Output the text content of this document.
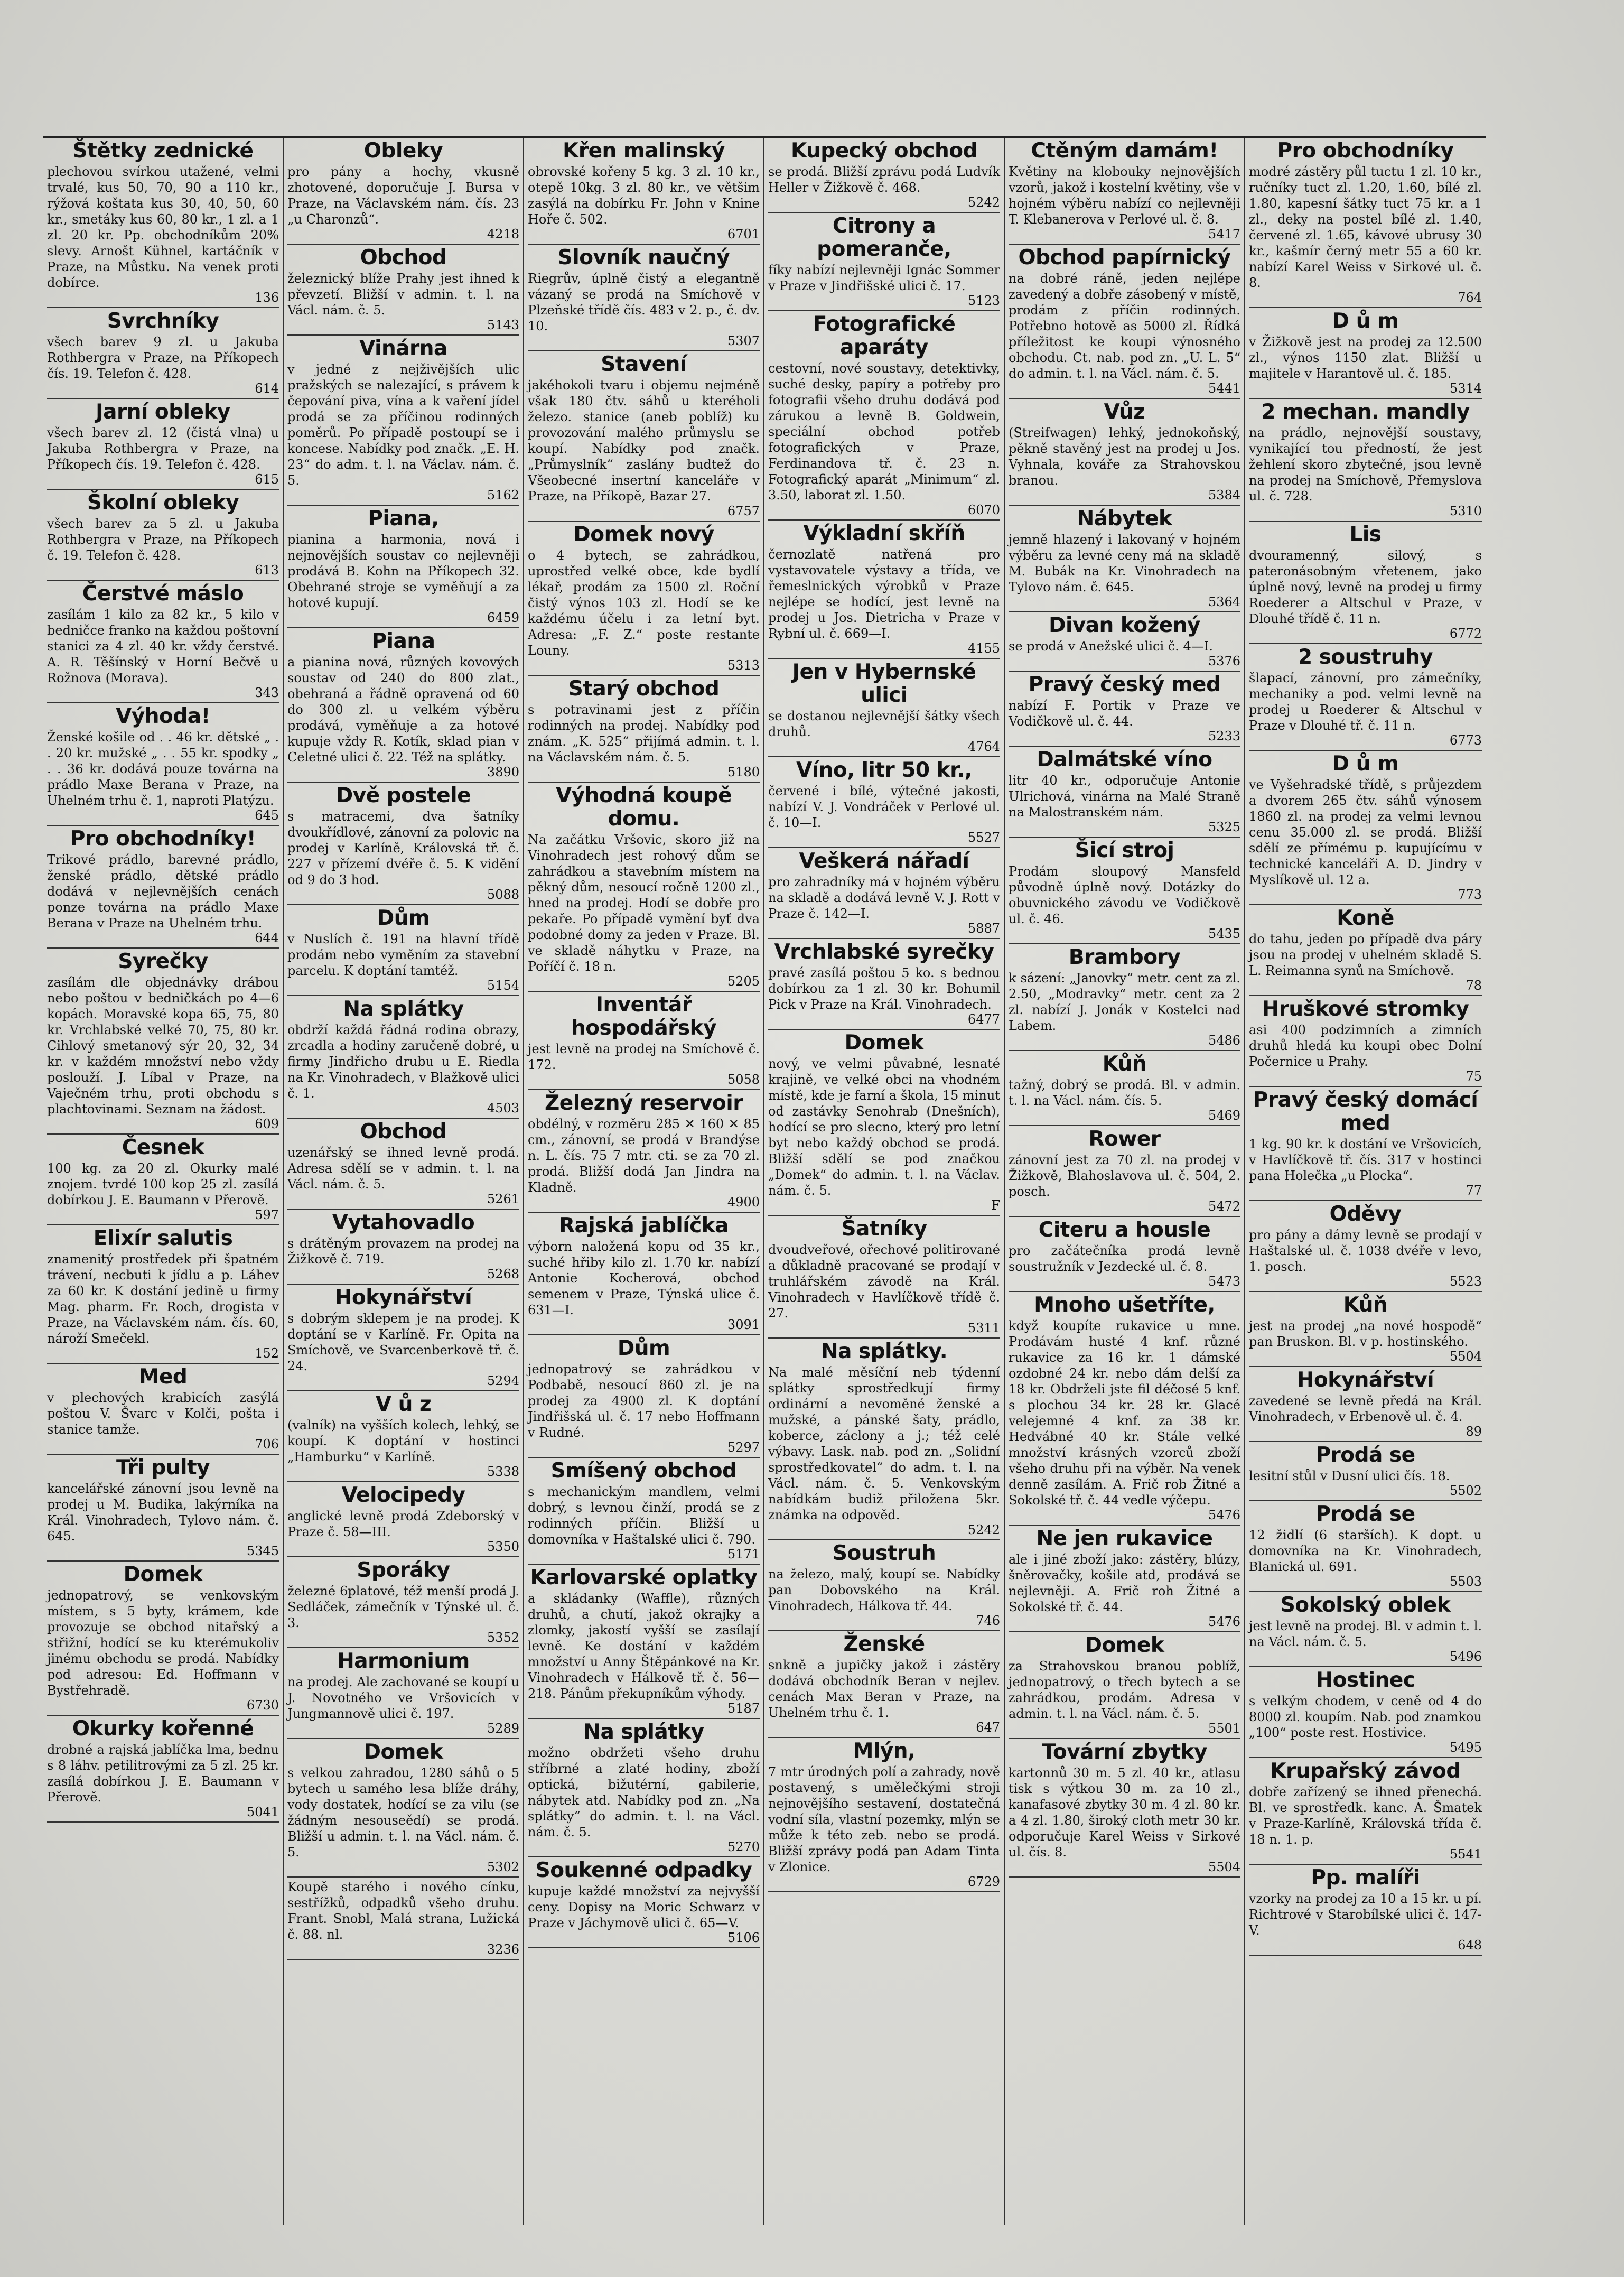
Štětky zednické

plechovou svírkou utažené, velmi trvalé, kus 50, 70, 90 a 110 kr., rýžová koštata kus 30, 40, 50, 60 kr., smetáky kus 60, 80 kr., 1 zl. a 1 zl. 20 kr. Pp. obchodníkům 20% slevy. Arnošt Kühnel, kartáčník v Praze, na Můstku. Na venek proti dobírce.

136
Svrchníky

všech barev 9 zl. u Jakuba Rothbergra v Praze, na Příkopech čís. 19. Telefon č. 428.

614
Jarní obleky

všech barev zl. 12 (čistá vlna) u Jakuba Rothbergra v Praze, na Příkopech čís. 19. Telefon č. 428.

615
Školní obleky

všech barev za 5 zl. u Jakuba Rothbergra v Praze, na Příkopech č. 19. Telefon č. 428.

613
Čerstvé máslo

zasílám 1 kilo za 82 kr., 5 kilo v bedničce franko na každou poštovní stanici za 4 zl. 40 kr. vždy čerstvé. A. R. Těšínský v Horní Bečvě u Rožnova (Morava).

343
Výhoda!

Ženské košile od . . 46 kr. dětské „ . . 20 kr. mužské „ . . 55 kr. spodky „ . . 36 kr. dodává pouze továrna na prádlo Maxe Berana v Praze, na Uhelném trhu č. 1, naproti Platýzu.

645
Pro obchodníky!

Trikové prádlo, barevné prádlo, ženské prádlo, dětské prádlo dodává v nejlevnějších cenách ponze továrna na prádlo Maxe Berana v Praze na Uhelném trhu.

644
Syrečky

zasílám dle objednávky drábou nebo poštou v bedničkách po 4—6 kopách. Moravské kopa 65, 75, 80 kr. Vrchlabské velké 70, 75, 80 kr. Cihlový smetanový sýr 20, 32, 34 kr. v každém množství nebo vždy poslouží. J. Líbal v Praze, na Vaječném trhu, proti obchodu s plachtovinami. Seznam na žádost.

609
Česnek

100 kg. za 20 zl. Okurky malé znojem. tvrdé 100 kop 25 zl. zasílá dobírkou J. E. Baumann v Přerově.

597
Elixír salutis

znamenitý prostředek při špatném trávení, necbuti k jídlu a p. Láhev za 60 kr. K dostání jedině u firmy Mag. pharm. Fr. Roch, drogista v Praze, na Václavském nám. čís. 60, nároží Smečekl.

152
Med

v plechových krabicích zasýlá poštou V. Švarc v Kolči, pošta i stanice tamže.

706
Tři pulty

kancelářské zánovní jsou levně na prodej u M. Budika, lakýrníka na Král. Vinohradech, Tylovo nám. č. 645.

5345
Domek

jednopatrový, se venkovským místem, s 5 byty, krámem, kde provozuje se obchod nitařský a střižní, hodící se ku kterémukoliv jinému obchodu se prodá. Nabídky pod adresou: Ed. Hoffmann v Bystřehradě.

6730
Okurky kořenné

drobné a rajská jablíčka lma, bednu s 8 láhv. petilitrovými za 5 zl. 25 kr. zasílá dobírkou J. E. Baumann v Přerově.

5041
Obleky

pro pány a hochy, vkusně zhotovené, doporučuje J. Bursa v Praze, na Václavském nám. čís. 23 „u Charonzů“.

4218
Obchod

železnický blíže Prahy jest ihned k převzetí. Bližší v admin. t. l. na Václ. nám. č. 5.

5143
Vinárna

v jedné z nejživějších ulic pražských se nalezající, s právem k čepování piva, vína a k vaření jídel prodá se za příčinou rodinných poměrů. Po případě postoupí se i koncese. Nabídky pod značk. „E. H. 23“ do adm. t. l. na Václav. nám. č. 5.

5162
Piana,

pianina a harmonia, nová i nejnovějších soustav co nejlevněji prodává B. Kohn na Příkopech 32. Obehrané stroje se vyměňují a za hotové kupují.

6459
Piana

a pianina nová, různých kovových soustav od 240 do 800 zlat., obehraná a řádně opravená od 60 do 300 zl. u velkém výběru prodává, vyměňuje a za hotové kupuje vždy R. Kotík, sklad pian v Celetné ulici č. 22. Též na splátky.

3890
Dvě postele

s matracemi, dva šatníky dvoukřídlové, zánovní za polovic na prodej v Karlíně, Královská tř. č. 227 v přízemí dvéře č. 5. K vidění od 9 do 3 hod.

5088
Dům

v Nuslích č. 191 na hlavní třídě prodám nebo vyměním za stavební parcelu. K doptání tamtéž.

5154
Na splátky

obdrží každá řádná rodina obrazy, zrcadla a hodiny zaručeně dobré, u firmy Jindřicho drubu u E. Riedla na Kr. Vinohradech, v Blažkově ulici č. 1.

4503
Obchod

uzenářský se ihned levně prodá. Adresa sdělí se v admin. t. l. na Václ. nám. č. 5.

5261
Vytahovadlo

s drátěným provazem na prodej na Žižkově č. 719.

5268
Hokynářství

s dobrým sklepem je na prodej. K doptání se v Karlíně. Fr. Opita na Smíchově, ve Svarcenberkově tř. č. 24.

5294
V ů z

(valník) na vyšších kolech, lehký, se koupí. K doptání v hostinci „Hamburku“ v Karlíně.

5338
Velocipedy

anglické levně prodá Zdeborský v Praze č. 58—III.

5350
Sporáky

železné 6platové, též menší prodá J. Sedláček, zámečník v Týnské ul. č. 3.

5352
Harmonium

na prodej. Ale zachované se koupí u J. Novotného ve Vršovicích v Jungmannově ulici č. 197.

5289
Domek

s velkou zahradou, 1280 sáhů o 5 bytech u samého lesa blíže dráhy, vody dostatek, hodící se za vilu (se žádným nesouseědí) se prodá. Bližší u admin. t. l. na Václ. nám. č. 5.

5302

Koupě starého i nového cínku, sestřížků, odpadků všeho druhu. Frant. Snobl, Malá strana, Lužická č. 88. nl.

3236
Křen malinský

obrovské kořeny 5 kg. 3 zl. 10 kr., otepě 10kg. 3 zl. 80 kr., ve většim zasýlá na dobírku Fr. John v Knine Hoře č. 502.

6701
Slovník naučný

Riegrův, úplně čistý a elegantně vázaný se prodá na Smíchově v Plzeňské třídě čís. 483 v 2. p., č. dv. 10.

5307
Stavení

jakéhokoli tvaru i objemu nejméně však 180 čtv. sáhů u kteréholi železo. stanice (aneb poblíž) ku provozování malého průmyslu se koupí. Nabídky pod značk. „Průmyslník“ zaslány budtež do Všeobecné insertní kanceláře v Praze, na Příkopě, Bazar 27.

6757
Domek nový

o 4 bytech, se zahrádkou, uprostřed velké obce, kde bydlí lékař, prodám za 1500 zl. Roční čistý výnos 103 zl. Hodí se ke každému účelu i za letní byt. Adresa: „F. Z.“ poste restante Louny.

5313
Starý obchod

s potravinami jest z příčin rodinných na prodej. Nabídky pod znám. „K. 525“ přijímá admin. t. l. na Václavském nám. č. 5.

5180
Výhodná koupě domu.

Na začátku Vršovic, skoro již na Vinohradech jest rohový dům se zahrádkou a stavebním místem na pěkný dům, nesoucí ročně 1200 zl., hned na prodej. Hodí se dobře pro pekaře. Po případě vymění byť dva podobné domy za jeden v Praze. Bl. ve skladě náhytku v Praze, na Poříčí č. 18 n.

5205
Inventář hospodářský

jest levně na prodej na Smíchově č. 172.

5058
Železný reservoir

obdélný, v rozměru 285 ✕ 160 ✕ 85 cm., zánovní, se prodá v Brandýse n. L. čís. 75 7 mtr. cti. se za 70 zl. prodá. Bližší dodá Jan Jindra na Kladně.

4900
Rajská jablíčka

výborn naložená kopu od 35 kr., suché hřiby kilo zl. 1.70 kr. nabízí Antonie Kocherová, obchod semenem v Praze, Týnská ulice č. 631—I.

3091
Dům

jednopatrový se zahrádkou v Podbabě, nesoucí 860 zl. je na prodej za 4900 zl. K doptání Jindřišská ul. č. 17 nebo Hoffmann v Rudné.

5297
Smíšený obchod

s mechanickým mandlem, velmi dobrý, s levnou činží, prodá se z rodinných příčin. Bližší u domovníka v Haštalské ulici č. 790.

5171
Karlovarské oplatky

a skládanky (Waffle), různých druhů, a chutí, jakož okrajky a zlomky, jakostí vyšší se zasílají levně. Ke dostání v každém množství u Anny Štěpánkové na Kr. Vinohradech v Hálkově tř. č. 56—218. Pánům překupníkům výhody.

5187
Na splátky

možno obdržeti všeho druhu stříbrné a zlaté hodiny, zboží optická, bižutérní, gabilerie, nábytek atd. Nabídky pod zn. „Na splátky“ do admin. t. l. na Václ. nám. č. 5.

5270
Soukenné odpadky

kupuje každé množství za nejvyšší ceny. Dopisy na Moric Schwarz v Praze v Jáchymově ulici č. 65—V.

5106
Kupecký obchod

se prodá. Bližší zprávu podá Ludvík Heller v Žižkově č. 468.

5242
Citrony a pomeranče,

fíky nabízí nejlevněji Ignác Sommer v Praze v Jindřišské ulici č. 17.

5123
Fotografické aparáty

cestovní, nové soustavy, detektivky, suché desky, papíry a potřeby pro fotografii všeho druhu dodává pod zárukou a levně B. Goldwein, speciální obchod potřeb fotografických v Praze, Ferdinandova tř. č. 23 n. Fotografický aparát „Minimum“ zl. 3.50, laborat zl. 1.50.

6070
Výkladní skříň

černozlatě natřená pro vystavovatele výstavy a třída, ve řemeslnických výrobků v Praze nejlépe se hodící, jest levně na prodej u Jos. Dietricha v Praze v Rybní ul. č. 669—I.

4155
Jen v Hybernské ulici

se dostanou nejlevnější šátky všech druhů.

4764
Víno, litr 50 kr.,

červené i bílé, výtečné jakosti, nabízí V. J. Vondráček v Perlové ul. č. 10—I.

5527
Veškerá nářadí

pro zahradníky má v hojném výběru na skladě a dodává levně V. J. Rott v Praze č. 142—I.

5887
Vrchlabské syrečky

pravé zasílá poštou 5 ko. s bednou dobírkou za 1 zl. 30 kr. Bohumil Pick v Praze na Král. Vinohradech.

6477
Domek

nový, ve velmi půvabné, lesnaté krajině, ve velké obci na vhodném místě, kde je farní a škola, 15 minut od zastávky Senohrab (Dnešních), hodící se pro slecno, který pro letní byt nebo každý obchod se prodá. Bližší sdělí se pod značkou „Domek“ do admin. t. l. na Václav. nám. č. 5.

F
Šatníky

dvoudveřové, ořechové politirované a důkladně pracované se prodají v truhlářském závodě na Král. Vinohradech v Havlíčkově třídě č. 27.

5311
Na splátky.

Na malé měsíční neb týdenní splátky sprostředkují firmy ordinární a nevoměné ženské a mužské, a pánské šaty, prádlo, koberce, záclony a j.; též celé výbavy. Lask. nab. pod zn. „Solidní sprostředkovatel“ do adm. t. l. na Václ. nám. č. 5. Venkovským nabídkám budiž přiložena 5kr. známka na odpověd.

5242
Soustruh

na železo, malý, koupí se. Nabídky pan Dobovského na Král. Vinohradech, Hálkova tř. 44.

746
Ženské

snkně a jupičky jakož i zástěry dodává obchodník Beran v nejlev. cenách Max Beran v Praze, na Uhelném trhu č. 1.

647
Mlýn,

7 mtr úrodných polí a zahrady, nově postavený, s umělečkými stroji nejnovějšího sestavení, dostatečná vodní síla, vlastní pozemky, mlýn se může k této zeb. nebo se prodá. Bližší zprávy podá pan Adam Tinta v Zlonice.

6729
Ctěným damám!

Květiny na klobouky nejnovějších vzorů, jakož i kostelní květiny, vše v hojném výběru nabízí co nejlevněji T. Klebanerova v Perlové ul. č. 8.

5417
Obchod papírnický

na dobré ráně, jeden nejlépe zavedený a dobře zásobený v místě, prodám z příčin rodinných. Potřebno hotově as 5000 zl. Řídká příležitost ke koupi výnosného obchodu. Ct. nab. pod zn. „U. L. 5“ do admin. t. l. na Václ. nám. č. 5.

5441
Vůz

(Streifwagen) lehký, jednokoňský, pěkně stavěný jest na prodej u Jos. Vyhnala, kováře za Strahovskou branou.

5384
Nábytek

jemně hlazený i lakovaný v hojném výběru za levné ceny má na skladě M. Bubák na Kr. Vinohradech na Tylovo nám. č. 645.

5364
Divan kožený

se prodá v Anežské ulici č. 4—I.

5376
Pravý český med

nabízí F. Portik v Praze ve Vodičkově ul. č. 44.

5233
Dalmátské víno

litr 40 kr., odporučuje Antonie Ulrichová, vinárna na Malé Straně na Malostranském nám.

5325
Šicí stroj

Prodám sloupový Mansfeld původně úplně nový. Dotázky do obuvnického závodu ve Vodičkově ul. č. 46.

5435
Brambory

k sázení: „Janovky“ metr. cent za zl. 2.50, „Modravky“ metr. cent za 2 zl. nabízí J. Jonák v Kostelci nad Labem.

5486
Kůň

tažný, dobrý se prodá. Bl. v admin. t. l. na Václ. nám. čís. 5.

5469
Rower

zánovní jest za 70 zl. na prodej v Žižkově, Blahoslavova ul. č. 504, 2. posch.

5472
Citeru a housle

pro začátečníka prodá levně soustružník v Jezdecké ul. č. 8.

5473
Mnoho ušetříte,

když koupíte rukavice u mne. Prodávám husté 4 knf. různé rukavice za 16 kr. 1 dámské ozdobné 24 kr. nebo dám delší za 18 kr. Obdrželi jste fil déčosé 5 knf. s plochou 34 kr. 28 kr. Glacé velejemné 4 knf. za 38 kr. Hedvábné 40 kr. Stále velké množství krásných vzorců zboží všeho druhu při na výběr. Na venek denně zasílám. A. Frič rob Žitné a Sokolské tř. č. 44 vedle výčepu.

5476
Ne jen rukavice

ale i jiné zboží jako: zástěry, blúzy, šněrovačky, košile atd, prodává se nejlevněji. A. Frič roh Žitné a Sokolské tř. č. 44.

5476
Domek

za Strahovskou branou poblíž, jednopatrový, o třech bytech a se zahrádkou, prodám. Adresa v admin. t. l. na Václ. nám. č. 5.

5501
Tovární zbytky

kartonnů 30 m. 5 zl. 40 kr., atlasu tisk s výtkou 30 m. za 10 zl., kanafasové zbytky 30 m. 4 zl. 80 kr. a 4 zl. 1.80, široký cloth metr 30 kr. odporučuje Karel Weiss v Sirkové ul. čís. 8.

5504
Pro obchodníky

modré zástěry půl tuctu 1 zl. 10 kr., ručníky tuct zl. 1.20, 1.60, bílé zl. 1.80, kapesní šátky tuct 75 kr. a 1 zl., deky na postel bílé zl. 1.40, červené zl. 1.65, kávové ubrusy 30 kr., kašmír černý metr 55 a 60 kr. nabízí Karel Weiss v Sirkové ul. č. 8.

764
D ů m

v Žižkově jest na prodej za 12.500 zl., výnos 1150 zlat. Bližší u majitele v Harantově ul. č. 185.

5314
2 mechan. mandly

na prádlo, nejnovější soustavy, vynikající tou předností, že jest žehlení skoro zbytečné, jsou levně na prodej na Smíchově, Přemyslova ul. č. 728.

5310
Lis

dvouramenný, silový, s pateronásobným vřetenem, jako úplně nový, levně na prodej u firmy Roederer a Altschul v Praze, v Dlouhé třídě č. 11 n.

6772
2 soustruhy

šlapací, zánovní, pro zámečníky, mechaniky a pod. velmi levně na prodej u Roederer & Altschul v Praze v Dlouhé tř. č. 11 n.

6773
D ů m

ve Vyšehradské třídě, s průjezdem a dvorem 265 čtv. sáhů výnosem 1860 zl. na prodej za velmi levnou cenu 35.000 zl. se prodá. Bližší sdělí ze přímému p. kupujícímu v technické kanceláři A. D. Jindry v Myslíkově ul. 12 a.

773
Koně

do tahu, jeden po případě dva páry jsou na prodej v uhelném skladě S. L. Reimanna synů na Smíchově.

78
Hruškové stromky

asi 400 podzimních a zimních druhů hledá ku koupi obec Dolní Počernice u Prahy.

75
Pravý český domácí med

1 kg. 90 kr. k dostání ve Vršovicích, v Havlíčkově tř. čís. 317 v hostinci pana Holečka „u Plocka“.

77
Oděvy

pro pány a dámy levně se prodají v Haštalské ul. č. 1038 dvéře v levo, 1. posch.

5523
Kůň

jest na prodej „na nové hospodě“ pan Bruskon. Bl. v p. hostinského.

5504
Hokynářství

zavedené se levně předá na Král. Vinohradech, v Erbenově ul. č. 4.

89
Prodá se

lesitní stůl v Dusní ulici čís. 18.

5502
Prodá se

12 židlí (6 starších). K dopt. u domovníka na Kr. Vinohradech, Blanická ul. 691.

5503
Sokolský oblek

jest levně na prodej. Bl. v admin t. l. na Václ. nám. č. 5.

5496
Hostinec

s velkým chodem, v ceně od 4 do 8000 zl. koupím. Nab. pod znamkou „100“ poste rest. Hostivice.

5495
Krupařský závod

dobře zařízený se ihned přenechá. Bl. ve sprostředk. kanc. A. Šmatek v Praze-Karlíně, Královská třída č. 18 n. 1. p.

5541
Pp. malíři

vzorky na prodej za 10 a 15 kr. u pí. Richtrové v Starobílské ulici č. 147-V.

648
